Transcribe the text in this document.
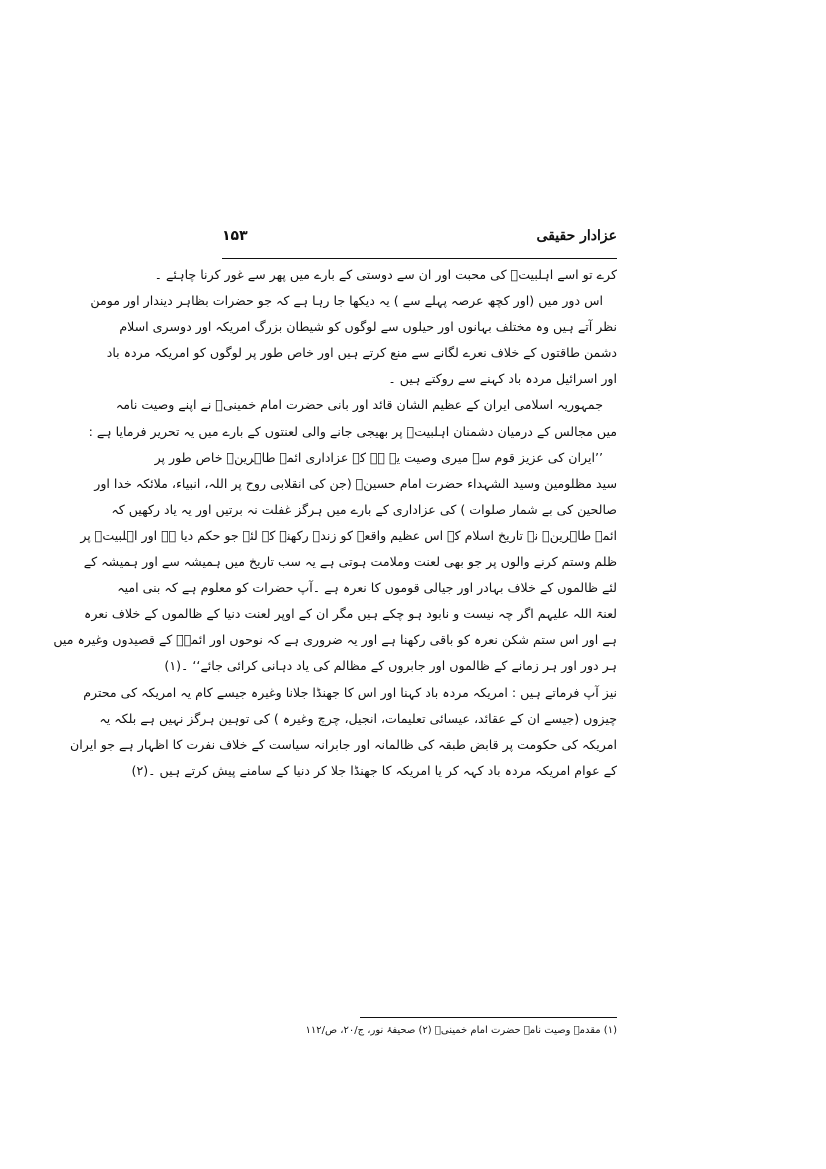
عزادار حقیقی
۱۵۳
کرے تو اسے اہلبیتؑ کی محبت اور ان سے دوستی کے بارے میں پھر سے غور کرنا چاہئے ۔
اس دور میں (اور کچھ عرصہ پہلے سے ) یہ دیکھا جا رہا ہے کہ جو حضرات بظاہر دیندار اور مومن
نظر آتے ہیں وہ مختلف بہانوں اور حیلوں سے لوگوں کو شیطان بزرگ امریکہ اور دوسری اسلام
دشمن طاقتوں کے خلاف نعرے لگانے سے منع کرتے ہیں اور خاص طور پر لوگوں کو امریکہ مردہ باد
اور اسرائیل مردہ باد کہنے سے روکتے ہیں ۔
جمہوریہ اسلامی ایران کے عظیم الشان قائد اور بانی حضرت امام خمینیؒ نے اپنے وصیت نامہ
میں مجالس کے درمیان دشمنان اہلبیتؑ پر بھیجی جانے والی لعنتوں کے بارے میں یہ تحریر فرمایا ہے :
’’ایران کی عزیز قوم سے میری وصیت یہ ہے کہ عزاداری ائمہ طاہرینؑ خاص طور پر
سید مظلومین وسید الشہداء حضرت امام حسینؑ (جن کی انقلابی روح پر اللہ، انبیاء، ملائکہ خدا اور
صالحین کی بے شمار صلوات ) کی عزاداری کے بارے میں ہرگز غفلت نہ برتیں اور یہ یاد رکھیں کہ
ائمہ طاہرینؑ نے تاریخ اسلام کے اس عظیم واقعہ کو زندہ رکھنے کے لئے جو حکم دیا ہے اور اہلبیتؑ پر
ظلم وستم کرنے والوں پر جو بھی لعنت وملامت ہوتی ہے یہ سب تاریخ میں ہمیشہ سے اور ہمیشہ کے
لئے ظالموں کے خلاف بہادر اور جیالی قوموں کا نعرہ ہے ۔آپ حضرات کو معلوم ہے کہ بنی امیہ
لعنۃ اللہ علیہم اگر چہ نیست و نابود ہو چکے ہیں مگر ان کے اوپر لعنت دنیا کے ظالموں کے خلاف نعرہ
ہے اور اس ستم شکن نعرہ کو باقی رکھنا ہے اور یہ ضروری ہے کہ نوحوں اور ائمہؑ کے قصیدوں وغیرہ میں
ہر دور اور ہر زمانے کے ظالموں اور جابروں کے مظالم کی یاد دہانی کرائی جائے‘‘ ۔(۱)
نیز آپ فرماتے ہیں : امریکہ مردہ باد کہنا اور اس کا جھنڈا جلانا وغیرہ جیسے کام یہ امریکہ کی محترم
چیزوں (جیسے ان کے عقائد، عیسائی تعلیمات، انجیل، چرچ وغیرہ ) کی توہین ہرگز نہیں ہے بلکہ یہ
امریکہ کی حکومت پر قابض طبقہ کی ظالمانہ اور جابرانہ سیاست کے خلاف نفرت کا اظہار ہے جو ایران
کے عوام امریکہ مردہ باد کہہ کر یا امریکہ کا جھنڈا جلا کر دنیا کے سامنے پیش کرتے ہیں ۔(۲)
(۱) مقدمہ وصیت نامہ حضرت امام خمینیؒ (۲) صحیفۂ نور، ج/۲۰، ص/۱۱۲
